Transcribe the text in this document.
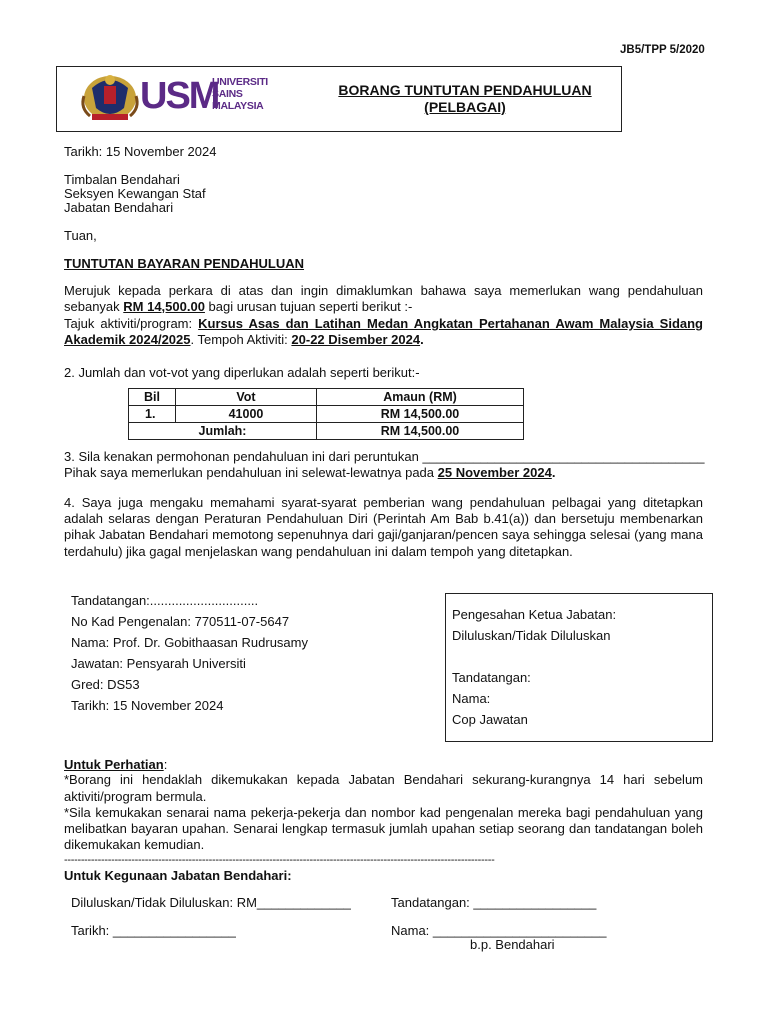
JB5/TPP 5/2020
USM
UNIVERSITI
SAINS
MALAYSIA
BORANG TUNTUTAN PENDAHULUAN
(PELBAGAI)
Tarikh: 15 November 2024
Timbalan Bendahari
Seksyen Kewangan Staf
Jabatan Bendahari
Tuan,
TUNTUTAN BAYARAN PENDAHULUAN
Merujuk kepada perkara di atas dan ingin dimaklumkan bahawa saya memerlukan wang pendahuluan
sebanyak RM 14,500.00 bagi urusan tujuan seperti berikut :-
Tajuk aktiviti/program: Kursus Asas dan Latihan Medan Angkatan Pertahanan Awam Malaysia Sidang
Akademik 2024/2025. Tempoh Aktiviti: 20-22 Disember 2024.
2. Jumlah dan vot-vot yang diperlukan adalah seperti berikut:-
Bil	Vot	Amaun (RM)
1.	41000	RM 14,500.00
Jumlah:		RM 14,500.00
3. Sila kenakan permohonan pendahuluan ini dari peruntukan _______________________________________
Pihak saya memerlukan pendahuluan ini selewat-lewatnya pada 25 November 2024.
4. Saya juga mengaku memahami syarat-syarat pemberian wang pendahuluan pelbagai yang ditetapkan
adalah selaras dengan Peraturan Pendahuluan Diri (Perintah Am Bab b.41(a)) dan bersetuju membenarkan
pihak Jabatan Bendahari memotong sepenuhnya dari gaji/ganjaran/pencen saya sehingga selesai (yang mana
terdahulu) jika gagal menjelaskan wang pendahuluan ini dalam tempoh yang ditetapkan.
Tandatangan:..............................
No Kad Pengenalan: 770511-07-5647
Nama: Prof. Dr. Gobithaasan Rudrusamy
Jawatan: Pensyarah Universiti
Gred: DS53
Tarikh: 15 November 2024
Pengesahan Ketua Jabatan:
Diluluskan/Tidak Diluluskan
Tandatangan:
Nama:
Cop Jawatan
Untuk Perhatian:
*Borang ini hendaklah dikemukakan kepada Jabatan Bendahari sekurang-kurangnya 14 hari sebelum
aktiviti/program bermula.
*Sila kemukakan senarai nama pekerja-pekerja dan nombor kad pengenalan mereka bagi pendahuluan yang
melibatkan bayaran upahan. Senarai lengkap termasuk jumlah upahan setiap seorang dan tandatangan boleh
dikemukakan kemudian.
--------------------------------------------------------------------------------------------------------------------------------
Untuk Kegunaan Jabatan Bendahari:
Diluluskan/Tidak Diluluskan: RM_____________	Tandatangan: _________________
Tarikh: _________________	Nama: ________________________
b.p. Bendahari
